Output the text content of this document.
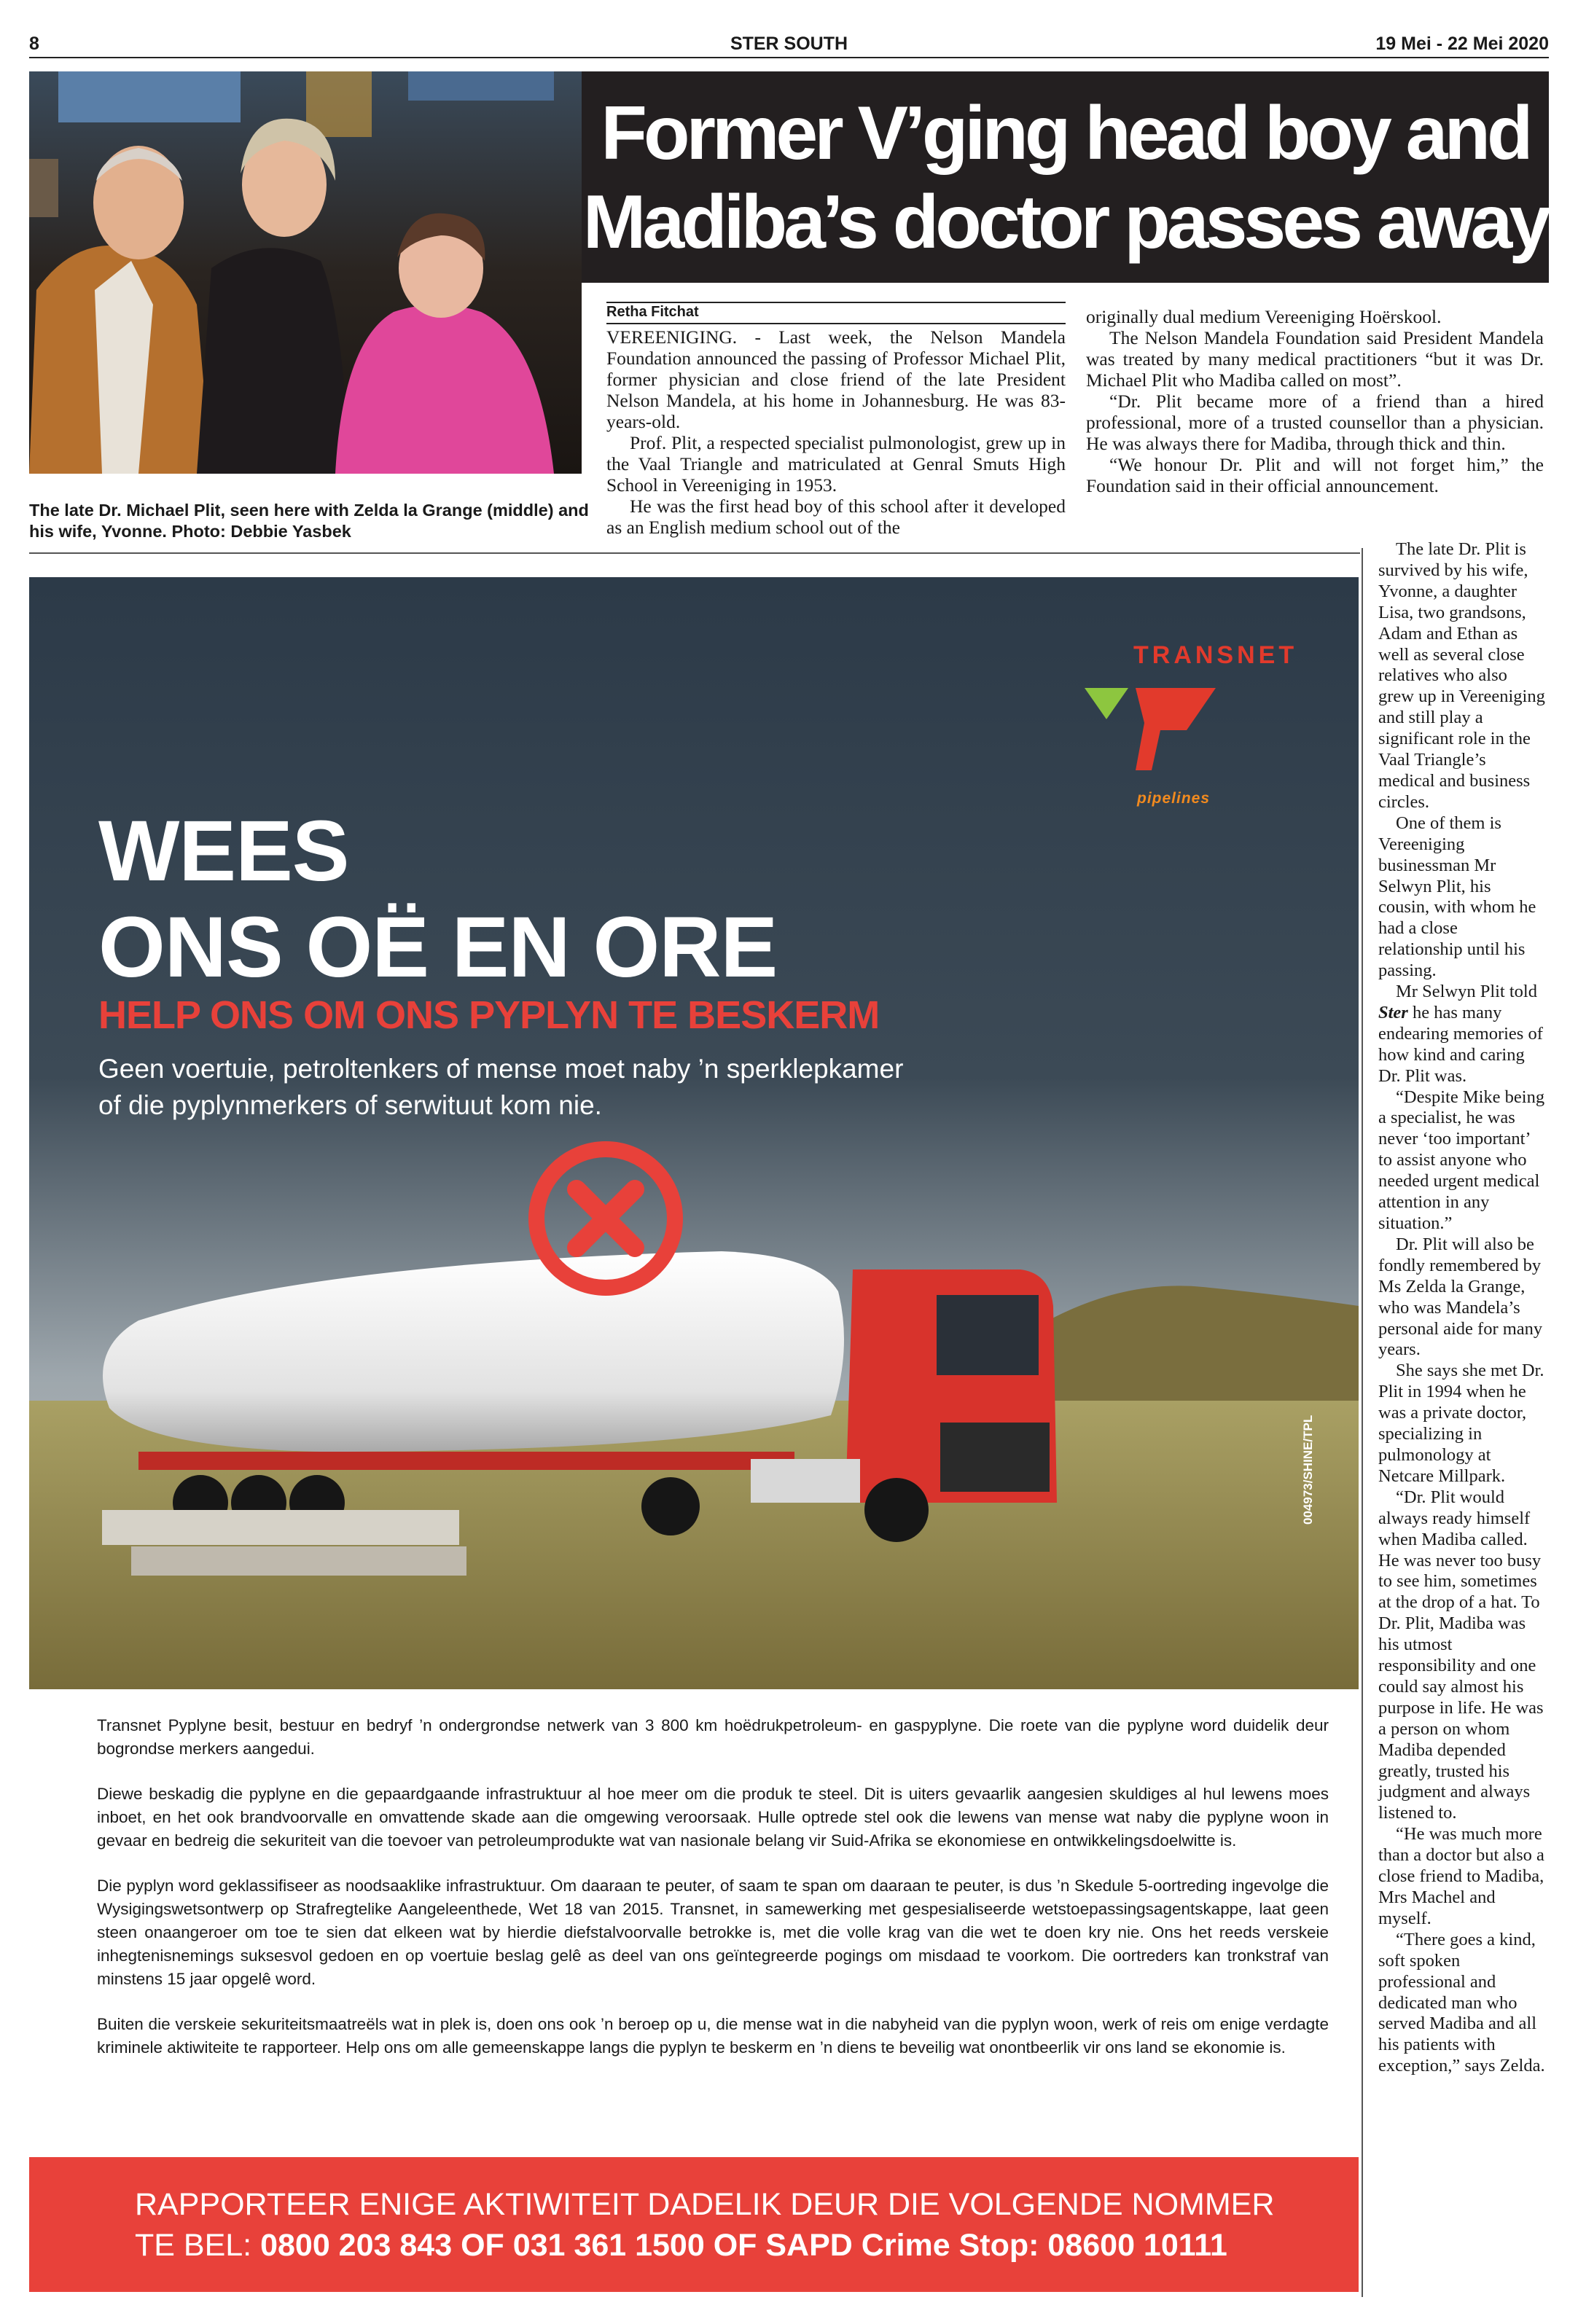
8	STER SOUTH	19 Mei - 22 Mei 2020
The late Dr. Michael Plit, seen here with Zelda la Grange (middle) and his wife, Yvonne. Photo: Debbie Yasbek
Former V’ging head boy and
Madiba’s doctor passes away
Retha Fitchat

VEREENIGING. - Last week, the Nelson Mandela Foundation announced the passing of Professor Michael Plit, former physician and close friend of the late President Nelson Mandela, at his home in Johannesburg. He was 83-years-old.

Prof. Plit, a respected specialist pulmonologist, grew up in the Vaal Triangle and matriculated at Genral Smuts High School in Vereeniging in 1953.

He was the first head boy of this school after it developed as an English medium school out of the

originally dual medium Vereeniging Hoërskool.

The Nelson Mandela Foundation said President Mandela was treated by many medical practitioners “but it was Dr. Michael Plit who Madiba called on most”.

“Dr. Plit became more of a friend than a hired professional, more of a trusted counsellor than a physician. He was always there for Madiba, through thick and thin.

“We honour Dr. Plit and will not forget him,” the Foundation said in their official announcement.

The late Dr. Plit is survived by his wife, Yvonne, a daughter Lisa, two grandsons, Adam and Ethan as well as several close relatives who also grew up in Vereeniging and still play a significant role in the Vaal Triangle’s medical and business circles.

One of them is Vereeniging businessman Mr Selwyn Plit, his cousin, with whom he had a close relationship until his passing.

Mr Selwyn Plit told Ster he has many endearing memories of how kind and caring Dr. Plit was.

“Despite Mike being a specialist, he was never ‘too important’ to assist anyone who needed urgent medical attention in any situation.”

Dr. Plit will also be fondly remembered by Ms Zelda la Grange, who was Mandela’s personal aide for many years.

She says she met Dr. Plit in 1994 when he was a private doctor, specializing in pulmonology at Netcare Millpark.

“Dr. Plit would always ready himself when Madiba called. He was never too busy to see him, sometimes at the drop of a hat. To Dr. Plit, Madiba was his utmost responsibility and one could say almost his purpose in life. He was a person on whom Madiba depended greatly, trusted his judgment and always listened to.

“He was much more than a doctor but also a close friend to Madiba, Mrs Machel and myself.

“There goes a kind, soft spoken professional and dedicated man who served Madiba and all his patients with exception,” says Zelda.

TRANSNET
pipelines
WEES
ONS OË EN ORE
HELP ONS OM ONS PYPLYN TE BESKERM
Geen voertuie, petroltenkers of mense moet naby ’n sperklepkamer
of die pyplynmerkers of serwituut kom nie.
004973/SHINE/TPL

Transnet Pyplyne besit, bestuur en bedryf ’n ondergrondse netwerk van 3 800 km hoëdrukpetroleum- en gaspyplyne. Die roete van die pyplyne word duidelik deur bogrondse merkers aangedui.

Diewe beskadig die pyplyne en die gepaardgaande infrastruktuur al hoe meer om die produk te steel. Dit is uiters gevaarlik aangesien skuldiges al hul lewens moes inboet, en het ook brandvoorvalle en omvattende skade aan die omgewing veroorsaak. Hulle optrede stel ook die lewens van mense wat naby die pyplyne woon in gevaar en bedreig die sekuriteit van die toevoer van petroleumprodukte wat van nasionale belang vir Suid-Afrika se ekonomiese en ontwikkelingsdoelwitte is.

Die pyplyn word geklassifiseer as noodsaaklike infrastruktuur. Om daaraan te peuter, of saam te span om daaraan te peuter, is dus ’n Skedule 5-oortreding ingevolge die Wysigingswetsontwerp op Strafregtelike Aangeleenthede, Wet 18 van 2015. Transnet, in samewerking met gespesialiseerde wetstoepassingsagentskappe, laat geen steen onaangeroer om toe te sien dat elkeen wat by hierdie diefstalvoorvalle betrokke is, met die volle krag van die wet te doen kry nie. Ons het reeds verskeie inhegtenisnemings suksesvol gedoen en op voertuie beslag gelê as deel van ons geïntegreerde pogings om misdaad te voorkom. Die oortreders kan tronkstraf van minstens 15 jaar opgelê word.

Buiten die verskeie sekuriteitsmaatreëls wat in plek is, doen ons ook ’n beroep op u, die mense wat in die nabyheid van die pyplyn woon, werk of reis om enige verdagte kriminele aktiwiteite te rapporteer. Help ons om alle gemeenskappe langs die pyplyn te beskerm en ’n diens te beveilig wat onontbeerlik vir ons land se ekonomie is.

RAPPORTEER ENIGE AKTIWITEIT DADELIK DEUR DIE VOLGENDE NOMMER
TE BEL: 0800 203 843 OF 031 361 1500 OF SAPD Crime Stop: 08600 10111
